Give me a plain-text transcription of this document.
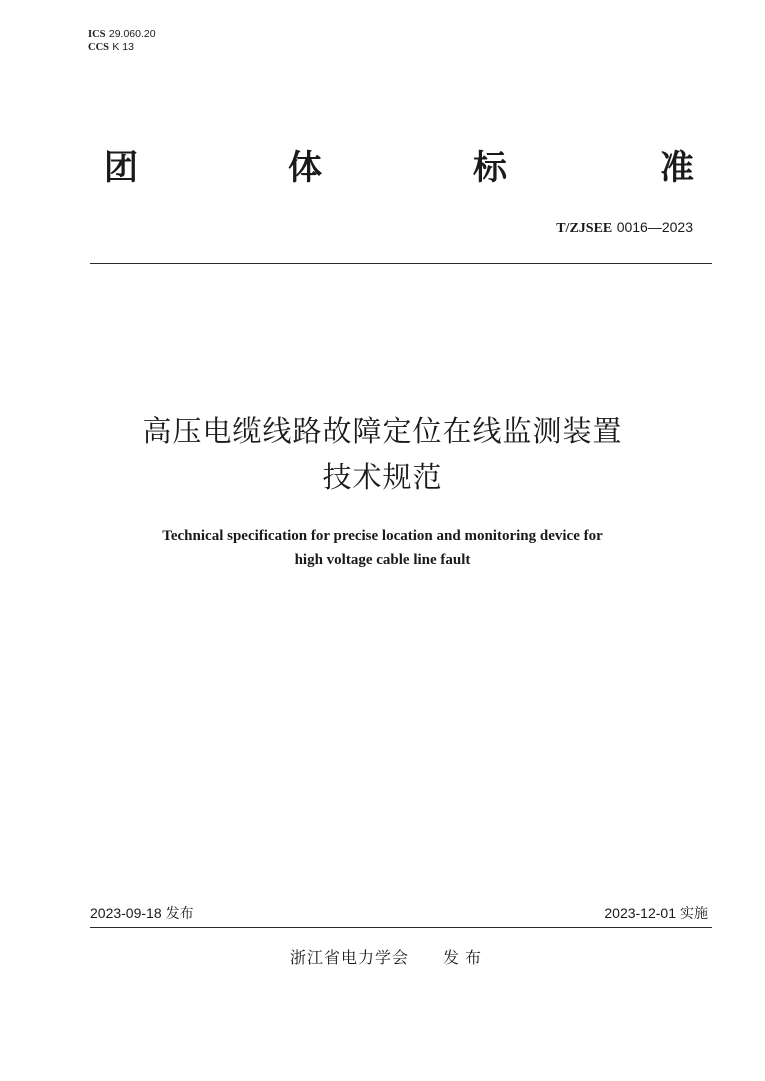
ICS 29.060.20
CCS K 13
团	体	标	准
T/ZJSEE 0016—2023
高压电缆线路故障定位在线监测装置
技术规范
Technical specification for precise location and monitoring device for
high voltage cable line fault
2023-09-18 发布	2023-12-01 实施
浙江省电力学会 发布
